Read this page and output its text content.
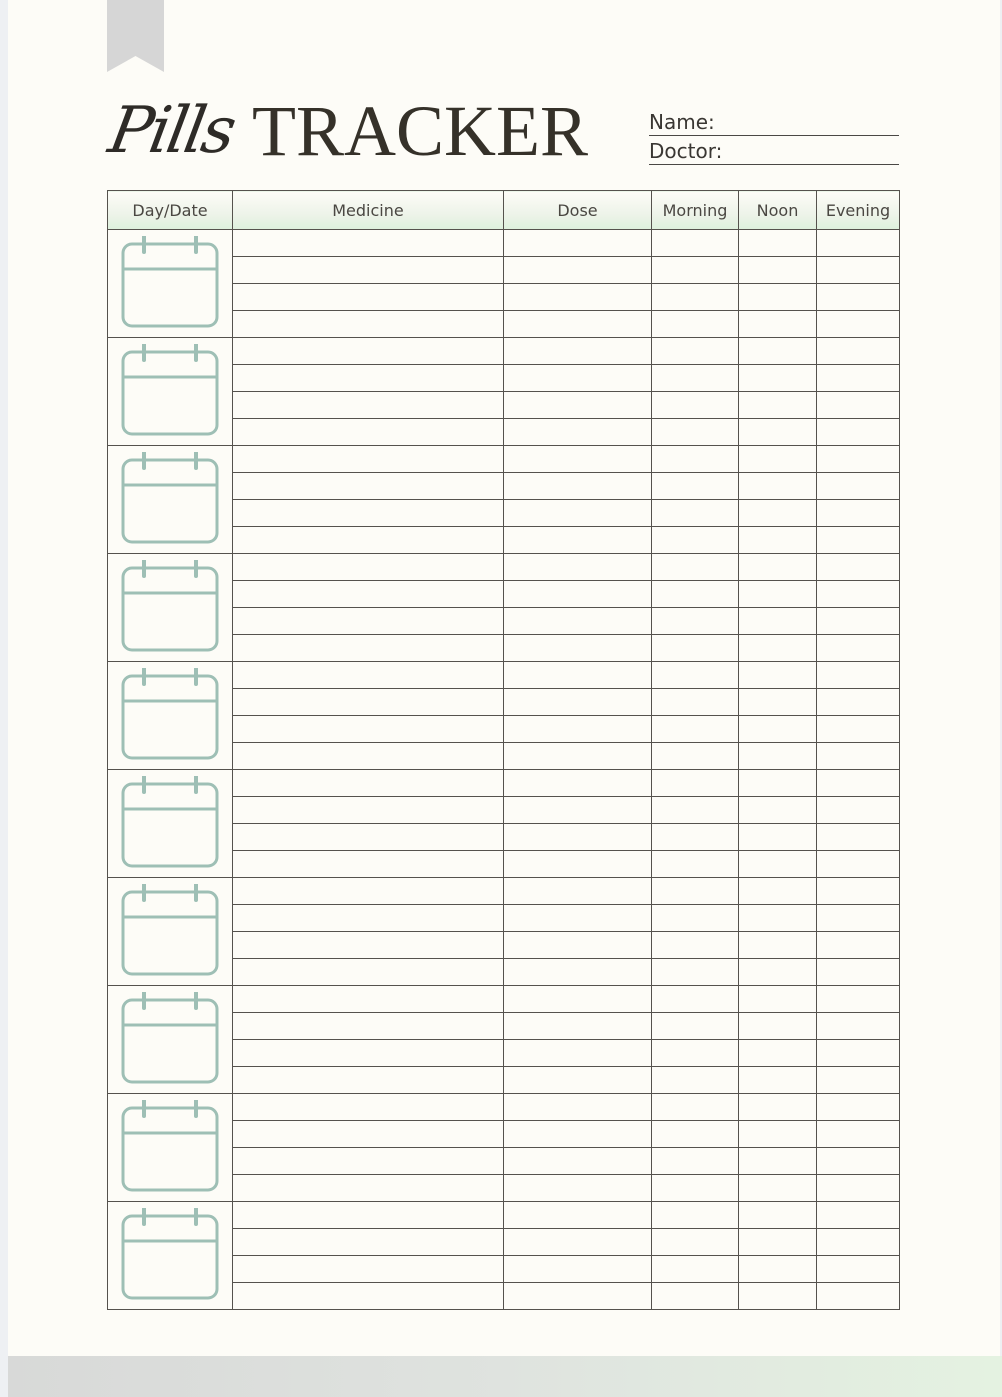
Pills TRACKER	Name:
Doctor:
Day/Date	Medicine	Dose	Morning	Noon	Evening
